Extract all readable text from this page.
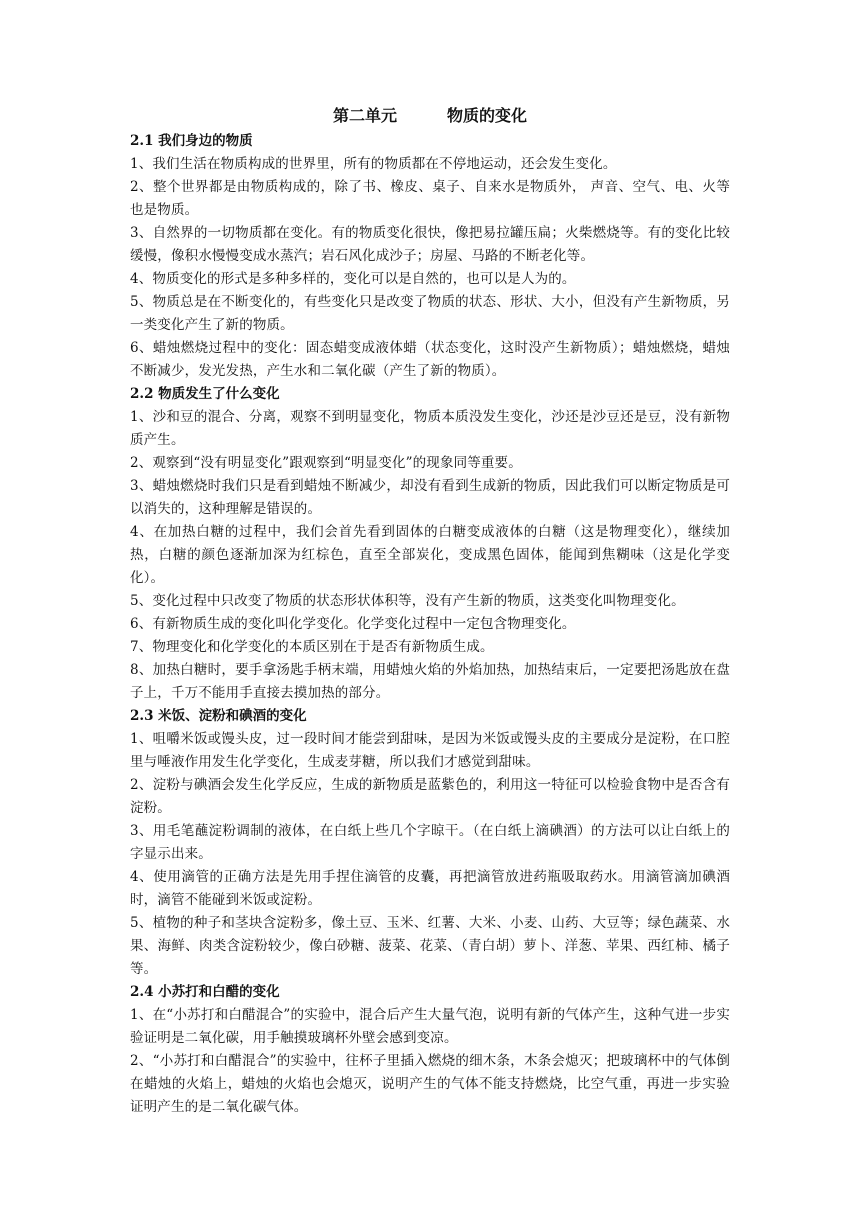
第二单元	物质的变化
2.1 我们身边的物质
1、我们生活在物质构成的世界里，所有的物质都在不停地运动，还会发生变化。
2、整个世界都是由物质构成的，除了书、橡皮、桌子、自来水是物质外， 声音、空气、电、火等也是物质。
3、自然界的一切物质都在变化。有的物质变化很快，像把易拉罐压扁；火柴燃烧等。有的变化比较缓慢，像积水慢慢变成水蒸汽；岩石风化成沙子；房屋、马路的不断老化等。
4、物质变化的形式是多种多样的，变化可以是自然的，也可以是人为的。
5、物质总是在不断变化的，有些变化只是改变了物质的状态、形状、大小，但没有产生新物质，另一类变化产生了新的物质。
6、蜡烛燃烧过程中的变化：固态蜡变成液体蜡（状态变化，这时没产生新物质）；蜡烛燃烧，蜡烛不断减少，发光发热，产生水和二氧化碳（产生了新的物质）。
2.2 物质发生了什么变化
1、沙和豆的混合、分离，观察不到明显变化，物质本质没发生变化，沙还是沙豆还是豆，没有新物质产生。
2、观察到“没有明显变化”跟观察到“明显变化”的现象同等重要。
3、蜡烛燃烧时我们只是看到蜡烛不断减少，却没有看到生成新的物质，因此我们可以断定物质是可以消失的，这种理解是错误的。
4、在加热白糖的过程中，我们会首先看到固体的白糖变成液体的白糖（这是物理变化），继续加热，白糖的颜色逐渐加深为红棕色，直至全部炭化，变成黑色固体，能闻到焦糊味（这是化学变化）。
5、变化过程中只改变了物质的状态形状体积等，没有产生新的物质，这类变化叫物理变化。
6、有新物质生成的变化叫化学变化。化学变化过程中一定包含物理变化。
7、物理变化和化学变化的本质区别在于是否有新物质生成。
8、加热白糖时，要手拿汤匙手柄末端，用蜡烛火焰的外焰加热，加热结束后，一定要把汤匙放在盘子上，千万不能用手直接去摸加热的部分。
2.3 米饭、淀粉和碘酒的变化
1、咀嚼米饭或馒头皮，过一段时间才能尝到甜味，是因为米饭或馒头皮的主要成分是淀粉，在口腔里与唾液作用发生化学变化，生成麦芽糖，所以我们才感觉到甜味。
2、淀粉与碘酒会发生化学反应，生成的新物质是蓝紫色的，利用这一特征可以检验食物中是否含有淀粉。
3、用毛笔蘸淀粉调制的液体，在白纸上些几个字晾干。（在白纸上滴碘酒）的方法可以让白纸上的字显示出来。
4、使用滴管的正确方法是先用手捏住滴管的皮囊，再把滴管放进药瓶吸取药水。用滴管滴加碘酒时，滴管不能碰到米饭或淀粉。
5、植物的种子和茎块含淀粉多，像土豆、玉米、红薯、大米、小麦、山药、大豆等；绿色蔬菜、水果、海鲜、肉类含淀粉较少，像白砂糖、菠菜、花菜、（青白胡）萝卜、洋葱、苹果、西红柿、橘子等。
2.4 小苏打和白醋的变化
1、在“小苏打和白醋混合”的实验中，混合后产生大量气泡，说明有新的气体产生，这种气进一步实验证明是二氧化碳，用手触摸玻璃杯外壁会感到变凉。
2、“小苏打和白醋混合”的实验中，往杯子里插入燃烧的细木条，木条会熄灭；把玻璃杯中的气体倒在蜡烛的火焰上，蜡烛的火焰也会熄灭，说明产生的气体不能支持燃烧，比空气重，再进一步实验证明产生的是二氧化碳气体。
